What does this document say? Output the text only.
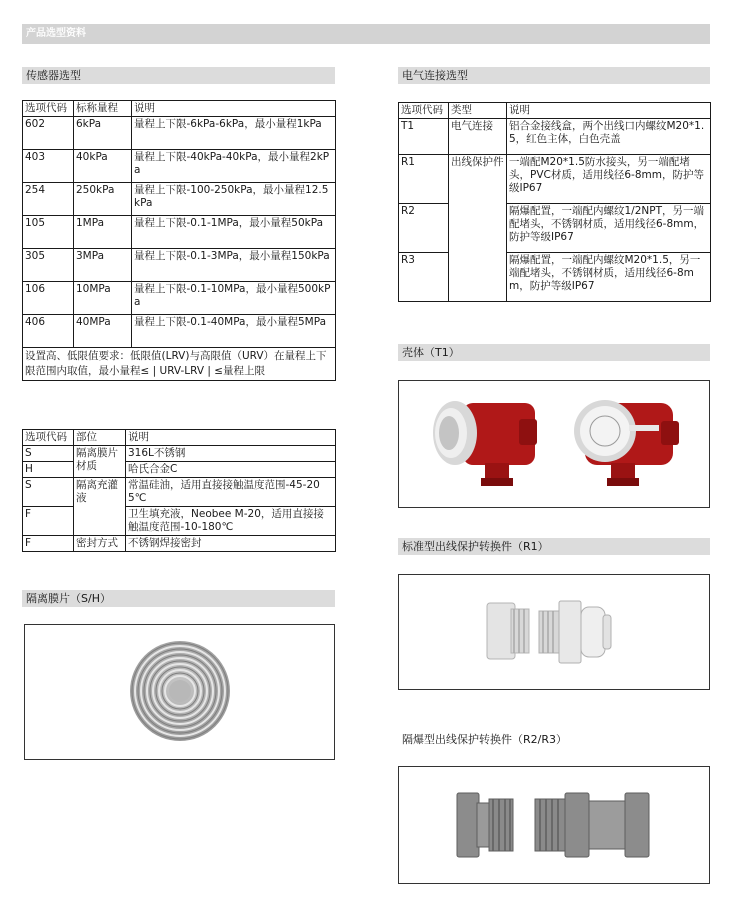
产品选型资料
传感器选型
选项代码	标称量程	说明
602	6kPa	量程上下限-6kPa-6kPa，最小量程1kPa
403	40kPa	量程上下限-40kPa-40kPa，最小量程2kPa
254	250kPa	量程上下限-100-250kPa，最小量程12.5kPa
105	1MPa	量程上下限-0.1-1MPa，最小量程50kPa
305	3MPa	量程上下限-0.1-3MPa，最小量程150kPa
106	10MPa	量程上下限-0.1-10MPa，最小量程500kPa
406	40MPa	量程上下限-0.1-40MPa，最小量程5MPa
设置高、低限值要求：低限值(LRV)与高限值（URV）在量程上下限范围内取值，最小量程≤ | URV-LRV | ≤量程上限		
选项代码	部位	说明
S	隔离膜片材质	316L不锈钢
H		哈氏合金C
S	隔离充灌液	常温硅油，适用直接接触温度范围-45-205℃
F		卫生填充液，Neobee M-20，适用直接接触温度范围-10-180℃
F	密封方式	不锈钢焊接密封
隔离膜片（S/H）
电气连接选型
选项代码	类型	说明
T1	电气连接	铝合金接线盒，两个出线口内螺纹M20*1.5，红色主体，白色壳盖
R1	出线保护件	一端配M20*1.5防水接头，另一端配堵头，PVC材质，适用线径6-8mm，防护等级IP67
R2		隔爆配置，一端配内螺纹1/2NPT，另一端配堵头，不锈钢材质，适用线径6-8mm，防护等级IP67
R3		隔爆配置，一端配内螺纹M20*1.5，另一端配堵头，不锈钢材质，适用线径6-8mm，防护等级IP67
壳体（T1）
标准型出线保护转换件（R1）
隔爆型出线保护转换件（R2/R3）
